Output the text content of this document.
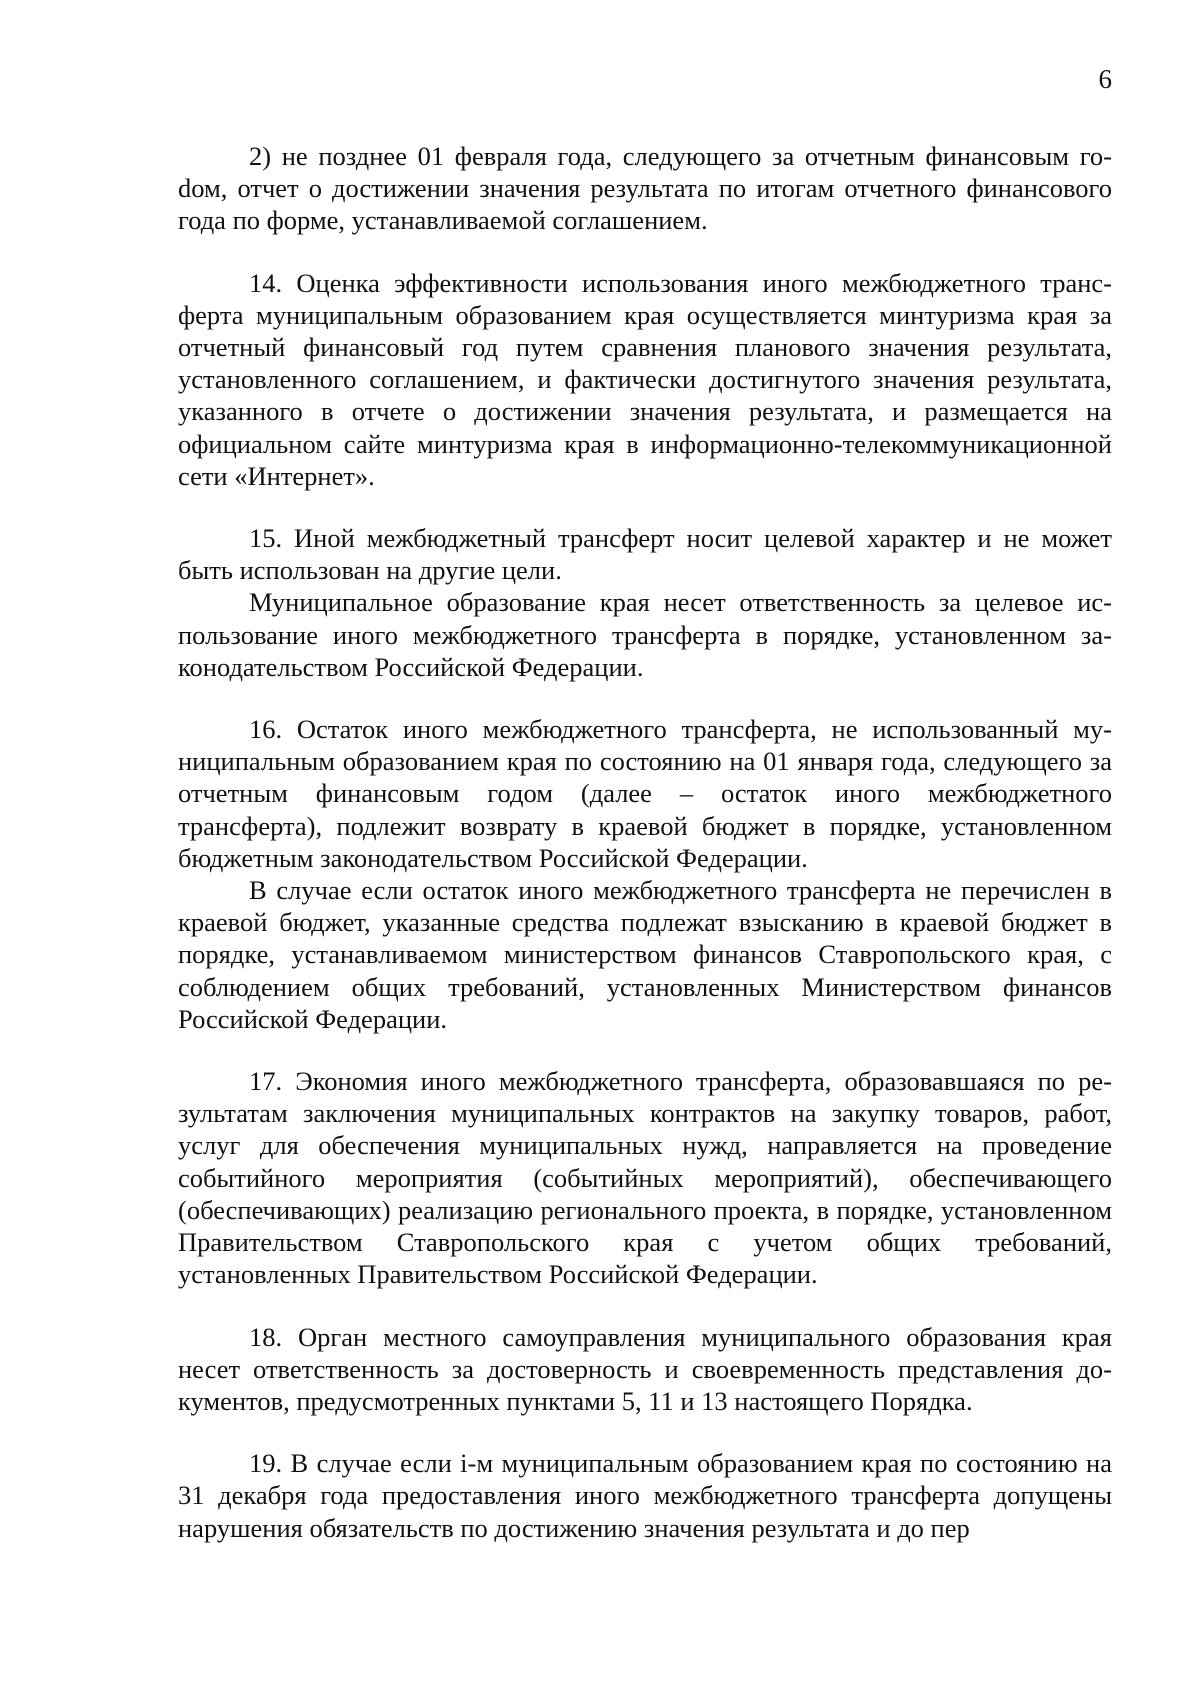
6

2) не позднее 01 февраля года, следующего за отчетным финансовым гоdом, отчет о достижении значения результата по итогам отчетного финансового года по форме, устанавливаемой соглашением.

14. Оценка эффективности использования иного межбюджетного трансферта муниципальным образованием края осуществляется минтуризма края за отчетный финансовый год путем сравнения планового значения результата, установленного соглашением, и фактически достигнутого значения результата, указанного в отчете о достижении значения результата, и размещается на официальном сайте минтуризма края в информационно-телекоммуникационной сети «Интернет».

15. Иной межбюджетный трансферт носит целевой характер и не может быть использован на другие цели.

Муниципальное образование края несет ответственность за целевое использование иного межбюджетного трансферта в порядке, установленном законодательством Российской Федерации.

16. Остаток иного межбюджетного трансферта, не использованный муниципальным образованием края по состоянию на 01 января года, следующего за отчетным финансовым годом (далее – остаток иного межбюджетного трансферта), подлежит возврату в краевой бюджет в порядке, установленном бюджетным законодательством Российской Федерации.

В случае если остаток иного межбюджетного трансферта не перечислен в краевой бюджет, указанные средства подлежат взысканию в краевой бюджет в порядке, устанавливаемом министерством финансов Ставропольского края, с соблюдением общих требований, установленных Министерством финансов Российской Федерации.

17. Экономия иного межбюджетного трансферта, образовавшаяся по результатам заключения муниципальных контрактов на закупку товаров, работ, услуг для обеспечения муниципальных нужд, направляется на проведение событийного мероприятия (событийных мероприятий), обеспечивающего (обеспечивающих) реализацию регионального проекта, в порядке, установленном Правительством Ставропольского края с учетом общих требований, установленных Правительством Российской Федерации.

18. Орган местного самоуправления муниципального образования края несет ответственность за достоверность и своевременность представления документов, предусмотренных пунктами 5, 11 и 13 настоящего Порядка.

19. В случае если i-м муниципальным образованием края по состоянию на 31 декабря года предоставления иного межбюджетного трансферта допущены нарушения обязательств по достижению значения результата и до пер
